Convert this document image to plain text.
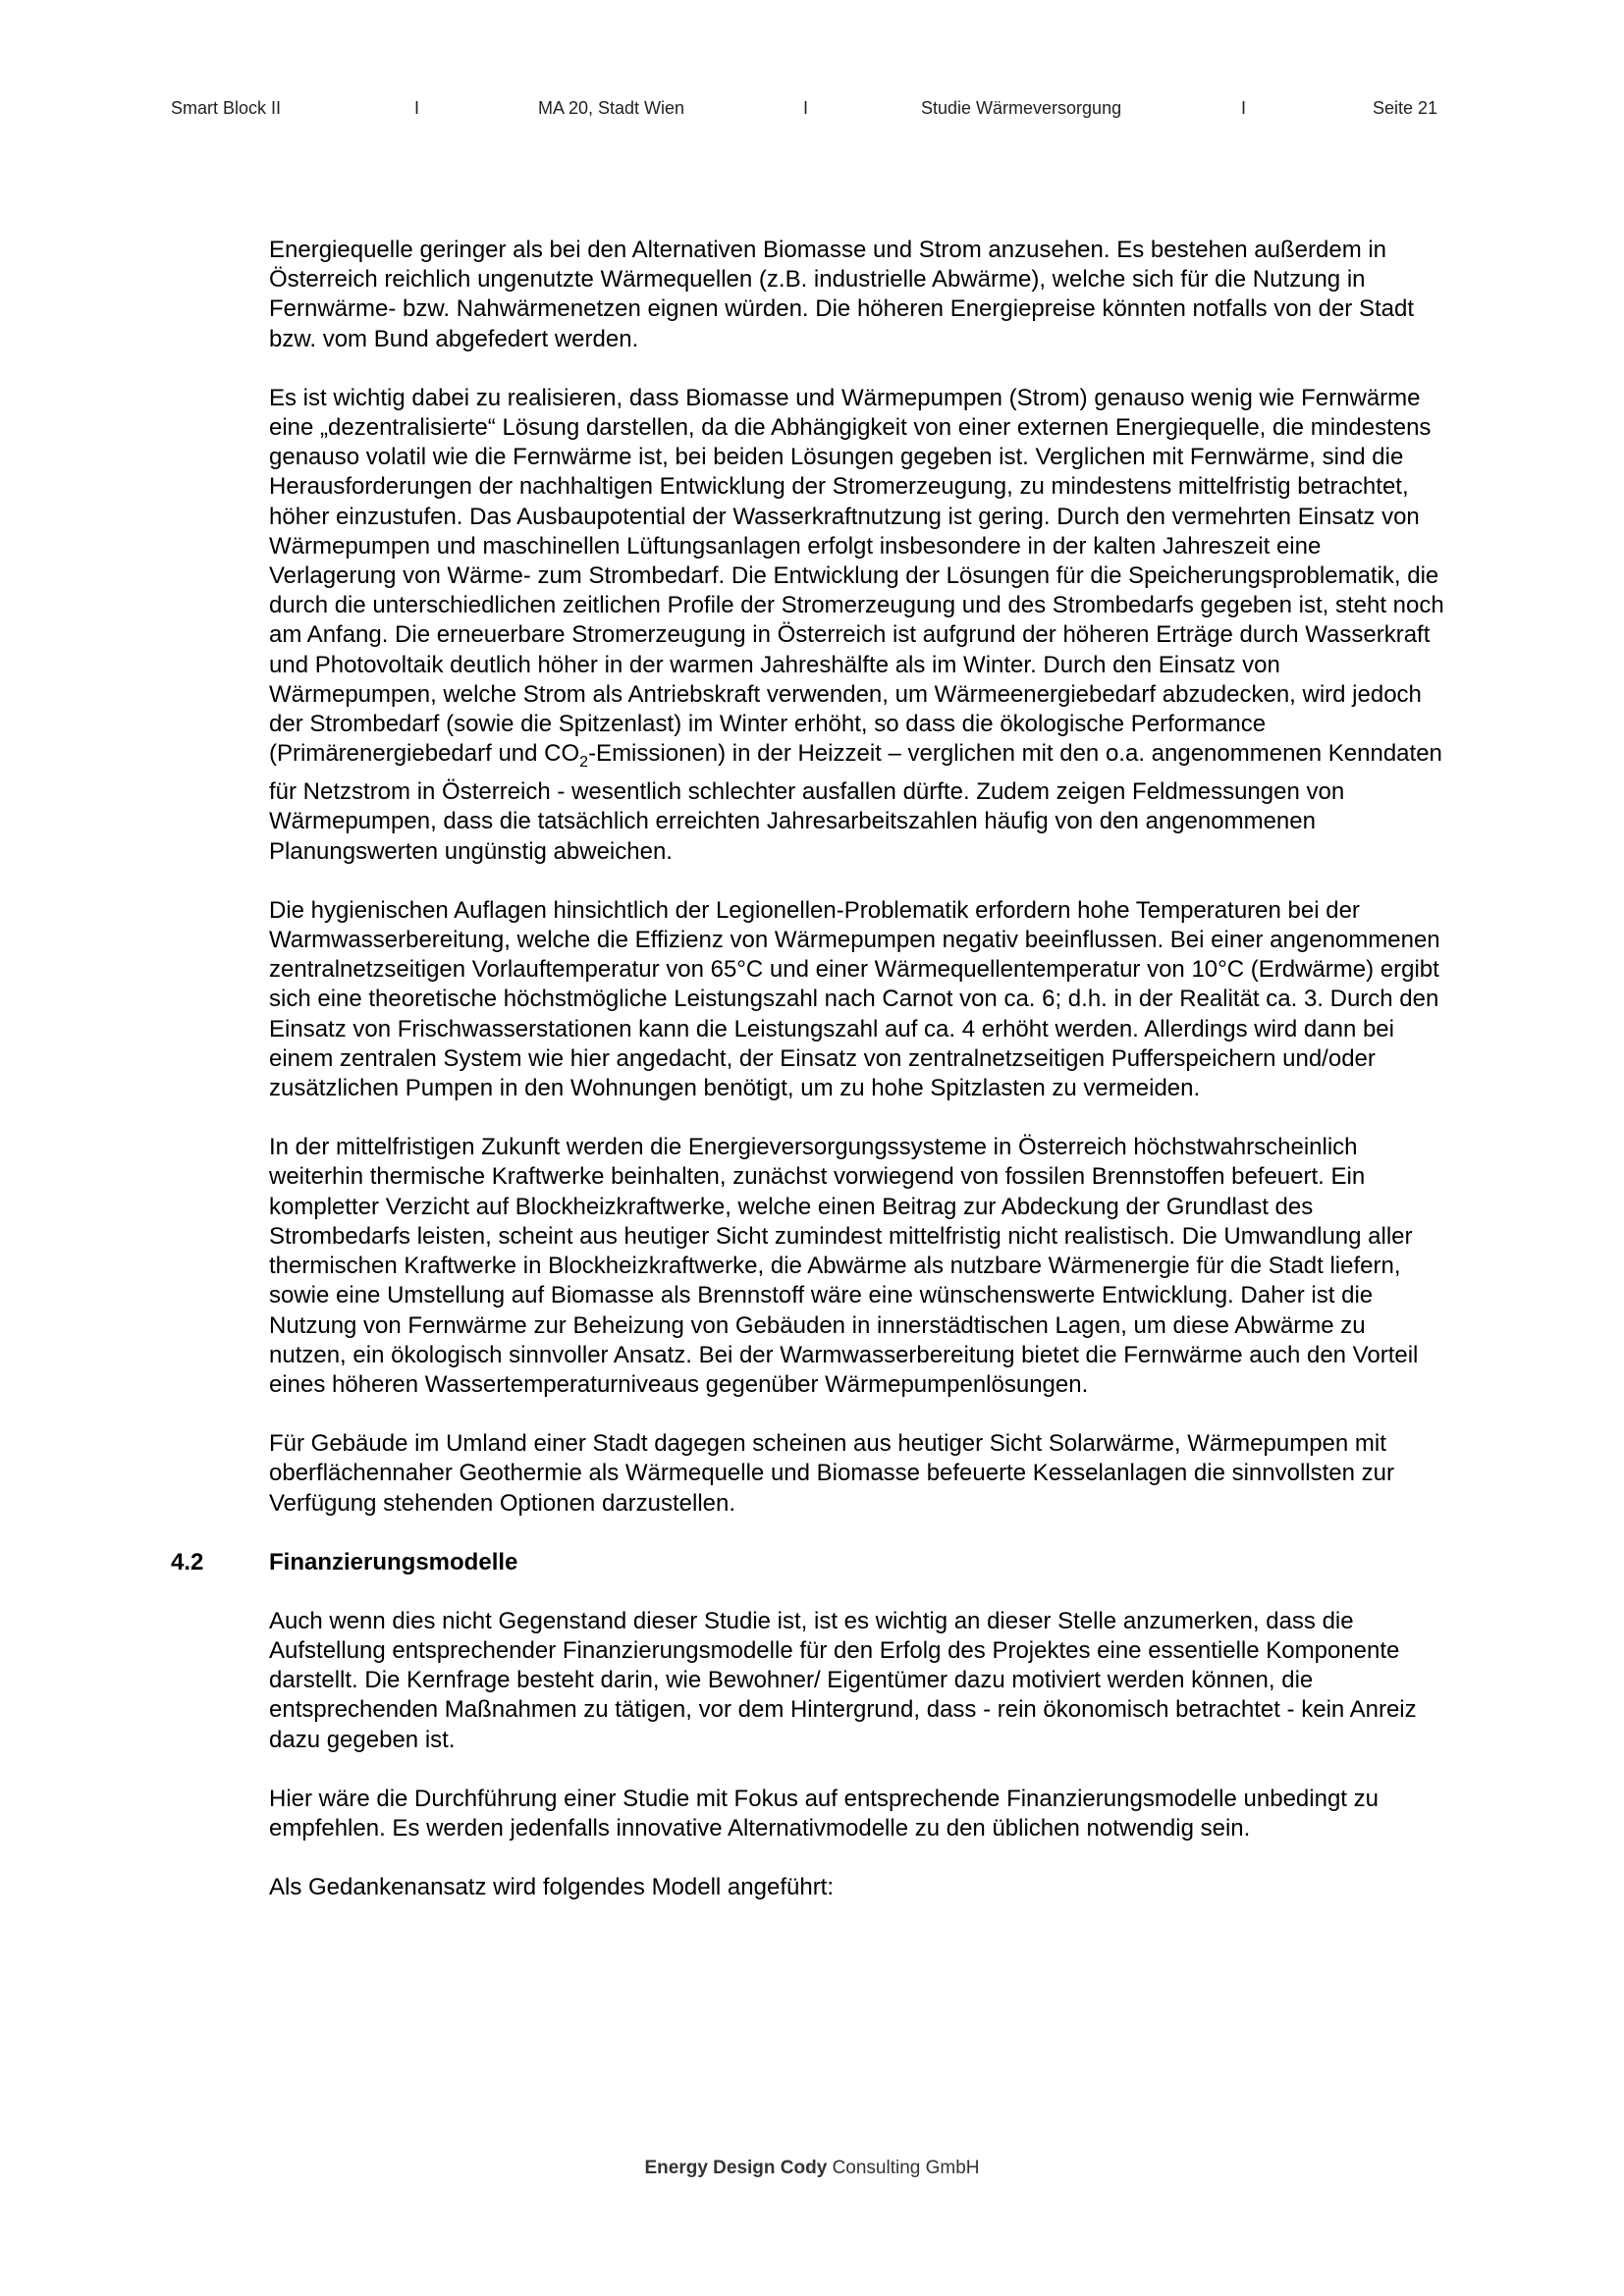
Smart Block II	I	MA 20, Stadt Wien	I	Studie Wärmeversorgung	I	Seite 21

Energiequelle geringer als bei den Alternativen Biomasse und Strom anzusehen. Es bestehen außerdem in Österreich reichlich ungenutzte Wärmequellen (z.B. industrielle Abwärme), welche sich für die Nutzung in Fernwärme- bzw. Nahwärmenetzen eignen würden. Die höheren Energiepreise könnten notfalls von der Stadt bzw. vom Bund abgefedert werden.

Es ist wichtig dabei zu realisieren, dass Biomasse und Wärmepumpen (Strom) genauso wenig wie Fernwärme eine „dezentralisierte“ Lösung darstellen, da die Abhängigkeit von einer externen Energiequelle, die mindestens genauso volatil wie die Fernwärme ist, bei beiden Lösungen gegeben ist. Verglichen mit Fernwärme, sind die Herausforderungen der nachhaltigen Entwicklung der Stromerzeugung, zu mindestens mittelfristig betrachtet, höher einzustufen. Das Ausbaupotential der Wasserkraftnutzung ist gering. Durch den vermehrten Einsatz von Wärmepumpen und maschinellen Lüftungsanlagen erfolgt insbesondere in der kalten Jahreszeit eine Verlagerung von Wärme- zum Strombedarf. Die Entwicklung der Lösungen für die Speicherungsproblematik, die durch die unterschiedlichen zeitlichen Profile der Stromerzeugung und des Strombedarfs gegeben ist, steht noch am Anfang. Die erneuerbare Stromerzeugung in Österreich ist aufgrund der höheren Erträge durch Wasserkraft und Photovoltaik deutlich höher in der warmen Jahreshälfte als im Winter. Durch den Einsatz von Wärmepumpen, welche Strom als Antriebskraft verwenden, um Wärmeenergiebedarf abzudecken, wird jedoch der Strombedarf (sowie die Spitzenlast) im Winter erhöht, so dass die ökologische Performance (Primärenergiebedarf und $CO_2-Emissionen$) in der Heizzeit – verglichen mit den o.a. angenommenen Kenndaten für Netzstrom in Österreich - wesentlich schlechter ausfallen dürfte. Zudem zeigen Feldmessungen von Wärmepumpen, dass die tatsächlich erreichten Jahresarbeitszahlen häufig von den angenommenen Planungswerten ungünstig abweichen.

Die hygienischen Auflagen hinsichtlich der Legionellen-Problematik erfordern hohe Temperaturen bei der Warmwasserbereitung, welche die Effizienz von Wärmepumpen negativ beeinflussen. Bei einer angenommenen zentralnetzseitigen Vorlauftemperatur von 65°C und einer Wärmequellentemperatur von 10°C (Erdwärme) ergibt sich eine theoretische höchstmögliche Leistungszahl nach Carnot von ca. 6; d.h. in der Realität ca. 3. Durch den Einsatz von Frischwasserstationen kann die Leistungszahl auf ca. 4 erhöht werden. Allerdings wird dann bei einem zentralen System wie hier angedacht, der Einsatz von zentralnetzseitigen Pufferspeichern und/oder zusätzlichen Pumpen in den Wohnungen benötigt, um zu hohe Spitzlasten zu vermeiden.

In der mittelfristigen Zukunft werden die Energieversorgungssysteme in Österreich höchstwahrscheinlich weiterhin thermische Kraftwerke beinhalten, zunächst vorwiegend von fossilen Brennstoffen befeuert. Ein kompletter Verzicht auf Blockheizkraftwerke, welche einen Beitrag zur Abdeckung der Grundlast des Strombedarfs leisten, scheint aus heutiger Sicht zumindest mittelfristig nicht realistisch. Die Umwandlung aller thermischen Kraftwerke in Blockheizkraftwerke, die Abwärme als nutzbare Wärmenergie für die Stadt liefern, sowie eine Umstellung auf Biomasse als Brennstoff wäre eine wünschenswerte Entwicklung. Daher ist die Nutzung von Fernwärme zur Beheizung von Gebäuden in innerstädtischen Lagen, um diese Abwärme zu nutzen, ein ökologisch sinnvoller Ansatz. Bei der Warmwasserbereitung bietet die Fernwärme auch den Vorteil eines höheren Wassertemperaturniveaus gegenüber Wärmepumpenlösungen.

Für Gebäude im Umland einer Stadt dagegen scheinen aus heutiger Sicht Solarwärme, Wärmepumpen mit oberflächennaher Geothermie als Wärmequelle und Biomasse befeuerte Kesselanlagen die sinnvollsten zur Verfügung stehenden Optionen darzustellen.

4.2	Finanzierungsmodelle

Auch wenn dies nicht Gegenstand dieser Studie ist, ist es wichtig an dieser Stelle anzumerken, dass die Aufstellung entsprechender Finanzierungsmodelle für den Erfolg des Projektes eine essentielle Komponente darstellt. Die Kernfrage besteht darin, wie Bewohner/ Eigentümer dazu motiviert werden können, die entsprechenden Maßnahmen zu tätigen, vor dem Hintergrund, dass - rein ökonomisch betrachtet - kein Anreiz dazu gegeben ist.

Hier wäre die Durchführung einer Studie mit Fokus auf entsprechende Finanzierungsmodelle unbedingt zu empfehlen. Es werden jedenfalls innovative Alternativmodelle zu den üblichen notwendig sein.

Als Gedankenansatz wird folgendes Modell angeführt:

Energy Design Cody Consulting GmbH
